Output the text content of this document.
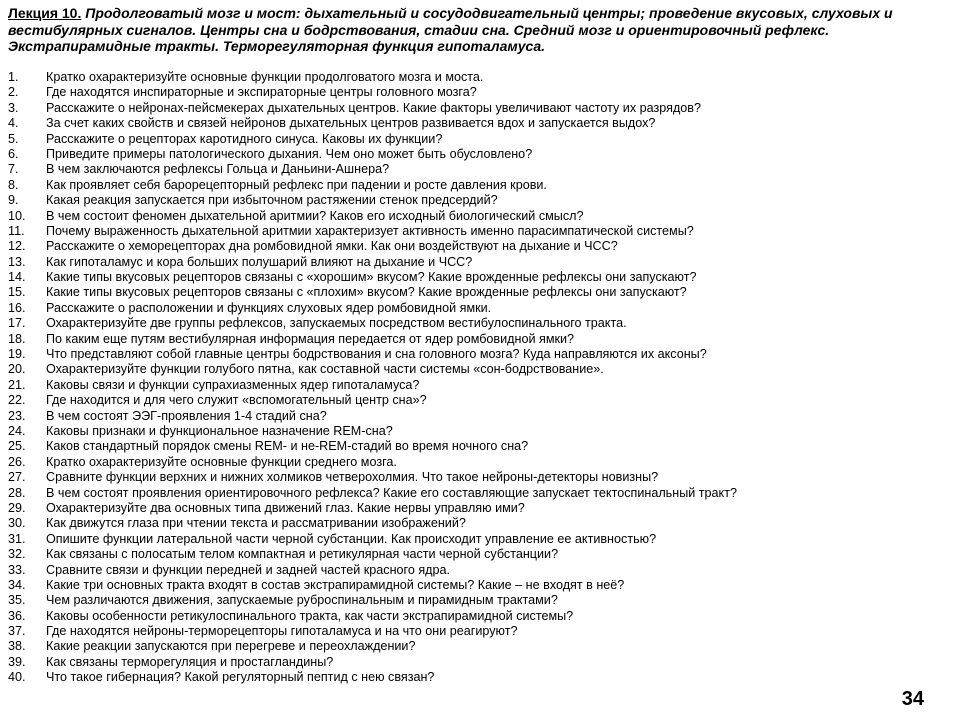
Лекция 10. Продолговатый мозг и мост: дыхательный и сосудодвигательный центры; проведение вкусовых, слуховых и вестибулярных сигналов. Центры сна и бодрствования, стадии сна. Средний мозг и ориентировочный рефлекс. Экстрапирамидные тракты. Терморегуляторная функция гипоталамуса.

1.	Кратко охарактеризуйте основные функции продолговатого мозга и моста.
2.	Где находятся инспираторные и экспираторные центры головного мозга?
3.	Расскажите о нейронах-пейсмекерах дыхательных центров. Какие факторы увеличивают частоту их разрядов?
4.	За счет каких свойств и связей нейронов дыхательных центров развивается вдох и запускается выдох?
5.	Расскажите о рецепторах каротидного синуса. Каковы их функции?
6.	Приведите примеры патологического дыхания. Чем оно может быть обусловлено?
7.	В чем заключаются рефлексы Гольца и Даньини-Ашнера?
8.	Как проявляет себя барорецепторный рефлекс при падении и росте давления крови.
9.	Какая реакция запускается при избыточном растяжении стенок предсердий?
10.	В чем состоит феномен дыхательной аритмии? Каков его исходный биологический смысл?
11.	Почему выраженность дыхательной аритмии характеризует активность именно парасимпатической системы?
12.	Расскажите о хеморецепторах дна ромбовидной ямки. Как они воздействуют на дыхание и ЧСС?
13.	Как гипоталамус и кора больших полушарий влияют на дыхание и ЧСС?
14.	Какие типы вкусовых рецепторов связаны с «хорошим» вкусом? Какие врожденные рефлексы они запускают?
15.	Какие типы вкусовых рецепторов связаны с «плохим» вкусом? Какие врожденные рефлексы они запускают?
16.	Расскажите о расположении и функциях слуховых ядер ромбовидной ямки.
17.	Охарактеризуйте две группы рефлексов, запускаемых посредством вестибулоспинального тракта.
18.	По каким еще путям вестибулярная информация передается от ядер ромбовидной ямки?
19.	Что представляют собой главные центры бодрствования и сна головного мозга? Куда направляются их аксоны?
20.	Охарактеризуйте функции голубого пятна, как составной части системы «сон-бодрствование».
21.	Каковы связи и функции супрахиазменных ядер гипоталамуса?
22.	Где находится и для чего служит «вспомогательный центр сна»?
23.	В чем состоят ЭЭГ-проявления 1-4 стадий сна?
24.	Каковы признаки и функциональное назначение REM-сна?
25.	Каков стандартный порядок смены REM- и не-REM-стадий во время ночного сна?
26.	Кратко охарактеризуйте основные функции среднего мозга.
27.	Сравните функции верхних и нижних холмиков четверохолмия. Что такое нейроны-детекторы новизны?
28.	В чем состоят проявления ориентировочного рефлекса? Какие его составляющие запускает тектоспинальный тракт?
29.	Охарактеризуйте два основных типа движений глаз. Какие нервы управляю ими?
30.	Как движутся глаза при чтении текста и рассматривании изображений?
31.	Опишите функции латеральной части черной субстанции. Как происходит управление ее активностью?
32.	Как связаны с полосатым телом компактная и ретикулярная части черной субстанции?
33.	Сравните связи и функции передней и задней частей красного ядра.
34.	Какие три основных тракта входят в состав экстрапирамидной системы? Какие – не входят в неё?
35.	Чем различаются движения, запускаемые руброспинальным и пирамидным трактами?
36.	Каковы особенности ретикулоспинального тракта, как части экстрапирамидной системы?
37.	Где находятся нейроны-терморецепторы гипоталамуса и на что они реагируют?
38.	Какие реакции запускаются при перегреве и переохлаждении?
39.	Как связаны терморегуляция и простагландины?
40.	Что такое гибернация? Какой регуляторный пептид с нею связан?
34
